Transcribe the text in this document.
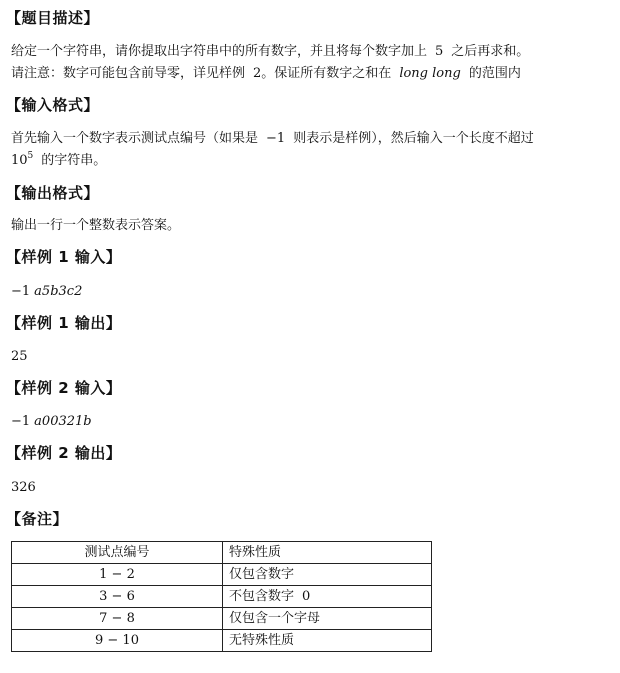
【题目描述】
给定一个字符串，请你提取出字符串中的所有数字，并且将每个数字加上 5 之后再求和。
请注意：数字可能包含前导零，详见样例 2。保证所有数字之和在 long long 的范围内
【输入格式】
首先输入一个数字表示测试点编号（如果是 −1 则表示是样例），然后输入一个长度不超过
$10^5$ 的字符串。
【输出格式】
输出一行一个整数表示答案。
【样例 1 输入】
−1 a5b3c2
【样例 1 输出】
25
【样例 2 输入】
−1 a00321b
【样例 2 输出】
326
【备注】
测试点编号	特殊性质
1 − 2	仅包含数字
3 − 6	不包含数字 0
7 − 8	仅包含一个字母
9 − 10	无特殊性质
